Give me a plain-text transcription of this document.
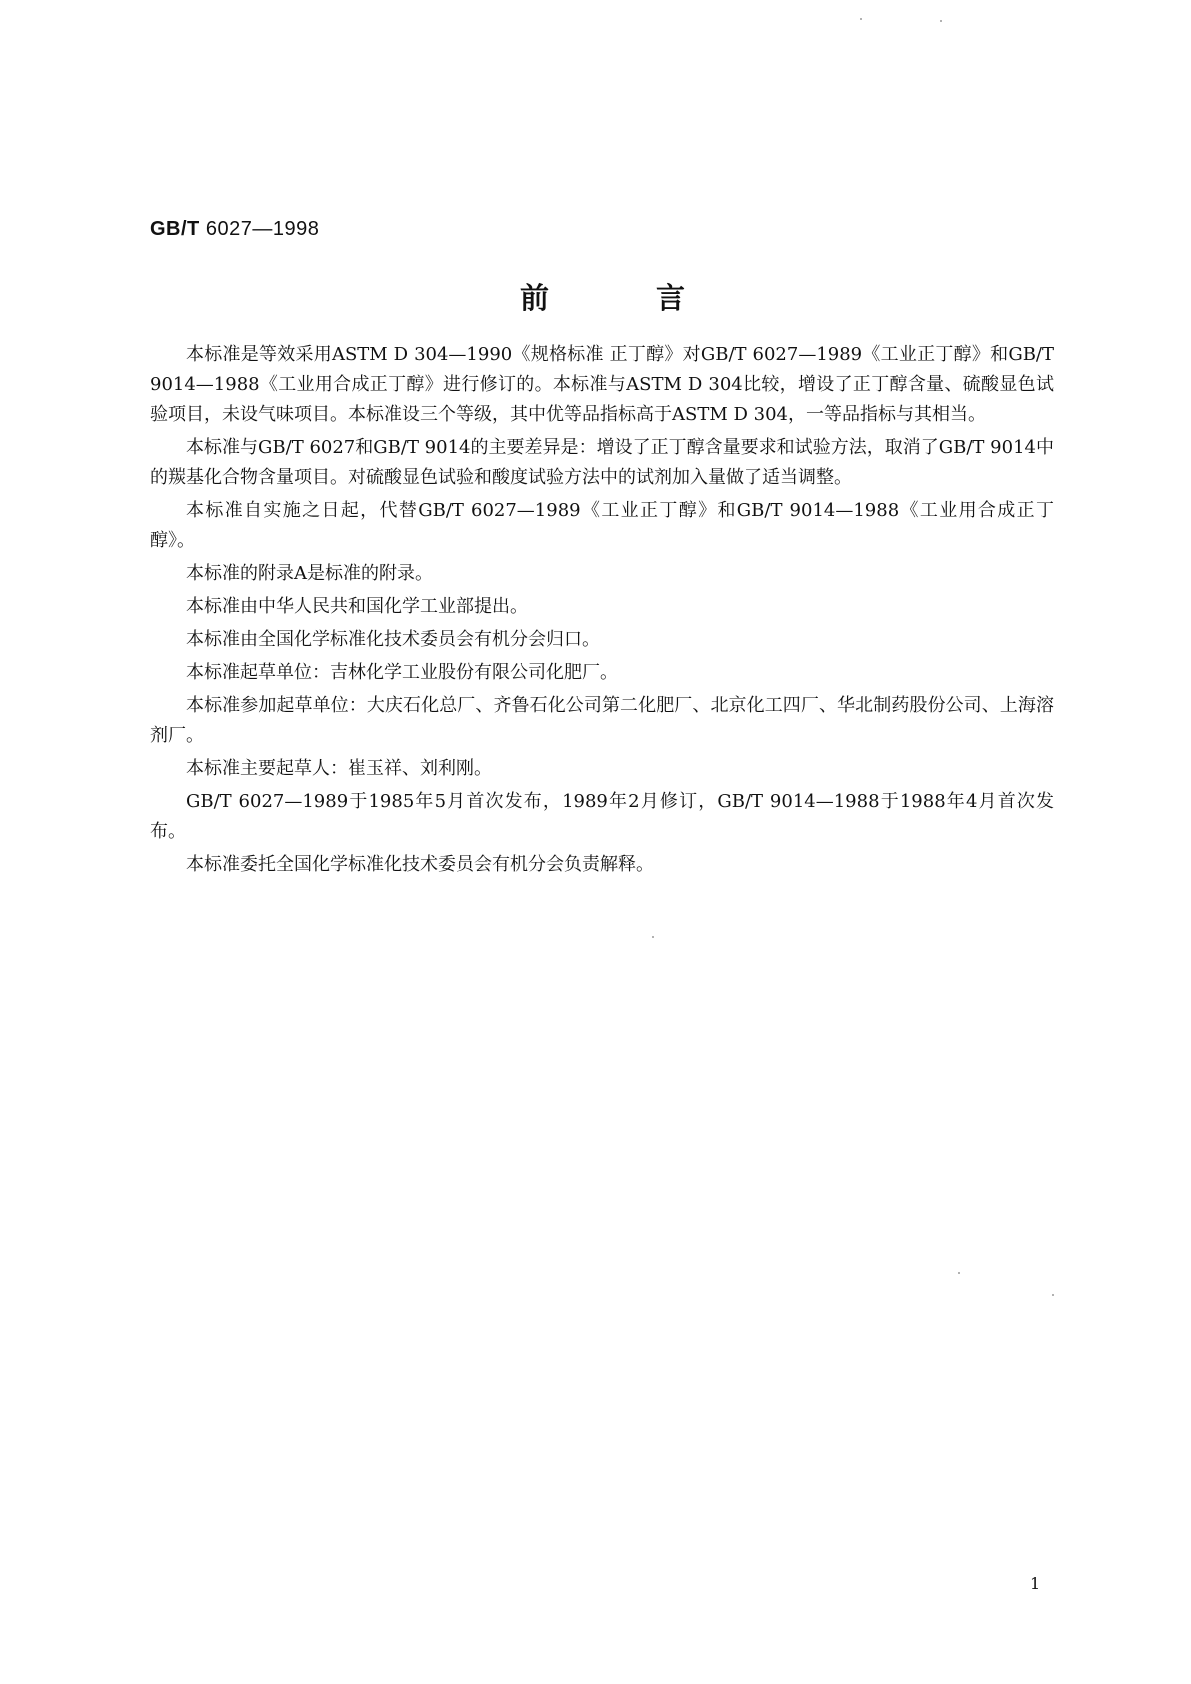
GB/T 6027—1998
前	言

本标准是等效采用ASTM D 304—1990《规格标准 正丁醇》对GB/T 6027—1989《工业正丁醇》和GB/T 9014—1988《工业用合成正丁醇》进行修订的。本标准与ASTM D 304比较，增设了正丁醇含量、硫酸显色试验项目，未设气味项目。本标准设三个等级，其中优等品指标高于ASTM D 304，一等品指标与其相当。

本标准与GB/T 6027和GB/T 9014的主要差异是：增设了正丁醇含量要求和试验方法，取消了GB/T 9014中的羰基化合物含量项目。对硫酸显色试验和酸度试验方法中的试剂加入量做了适当调整。

本标准自实施之日起，代替GB/T 6027—1989《工业正丁醇》和GB/T 9014—1988《工业用合成正丁醇》。

本标准的附录A是标准的附录。

本标准由中华人民共和国化学工业部提出。

本标准由全国化学标准化技术委员会有机分会归口。

本标准起草单位：吉林化学工业股份有限公司化肥厂。

本标准参加起草单位：大庆石化总厂、齐鲁石化公司第二化肥厂、北京化工四厂、华北制药股份公司、上海溶剂厂。

本标准主要起草人：崔玉祥、刘利刚。

GB/T 6027—1989于1985年5月首次发布，1989年2月修订，GB/T 9014—1988于1988年4月首次发布。

本标准委托全国化学标准化技术委员会有机分会负责解释。

1
